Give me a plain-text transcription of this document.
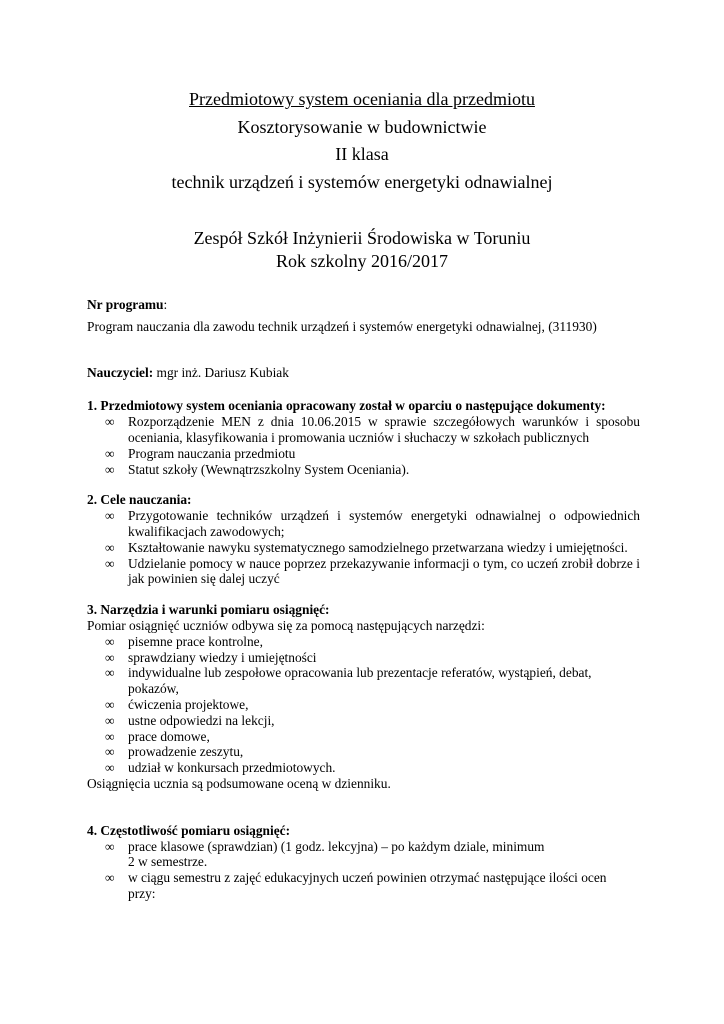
Przedmiotowy system oceniania dla przedmiotu

Kosztorysowanie w budownictwie

II klasa

technik urządzeń i systemów energetyki odnawialnej

Zespół Szkół Inżynierii Środowiska w Toruniu

Rok szkolny 2016/2017

Nr programu:

Program nauczania dla zawodu technik urządzeń i systemów energetyki odnawialnej, (311930)

Nauczyciel: mgr inż. Dariusz Kubiak

1. Przedmiotowy system oceniania opracowany został w oparciu o następujące dokumenty:

∞ Rozporządzenie MEN z dnia 10.06.2015 w sprawie szczegółowych warunków i sposobu oceniania, klasyfikowania i promowania uczniów i słuchaczy w szkołach publicznych
∞ Program nauczania przedmiotu
∞ Statut szkoły (Wewnątrzszkolny System Oceniania).

2. Cele nauczania:

∞ Przygotowanie techników urządzeń i systemów energetyki odnawialnej o odpowiednich kwalifikacjach zawodowych;
∞ Kształtowanie nawyku systematycznego samodzielnego przetwarzana wiedzy i umiejętności.
∞ Udzielanie pomocy w nauce poprzez przekazywanie informacji o tym, co uczeń zrobił dobrze i jak powinien się dalej uczyć

3. Narzędzia i warunki pomiaru osiągnięć:

Pomiar osiągnięć uczniów odbywa się za pomocą następujących narzędzi:

∞ pisemne prace kontrolne,
∞ sprawdziany wiedzy i umiejętności
∞ indywidualne lub zespołowe opracowania lub prezentacje referatów, wystąpień, debat,
pokazów,
∞ ćwiczenia projektowe,
∞ ustne odpowiedzi na lekcji,
∞ prace domowe,
∞ prowadzenie zeszytu,
∞ udział w konkursach przedmiotowych.

Osiągnięcia ucznia są podsumowane oceną w dzienniku.

4. Częstotliwość pomiaru osiągnięć:

∞ prace klasowe (sprawdzian) (1 godz. lekcyjna) – po każdym dziale, minimum
2 w semestrze.
∞ w ciągu semestru z zajęć edukacyjnych uczeń powinien otrzymać następujące ilości ocen
przy:
